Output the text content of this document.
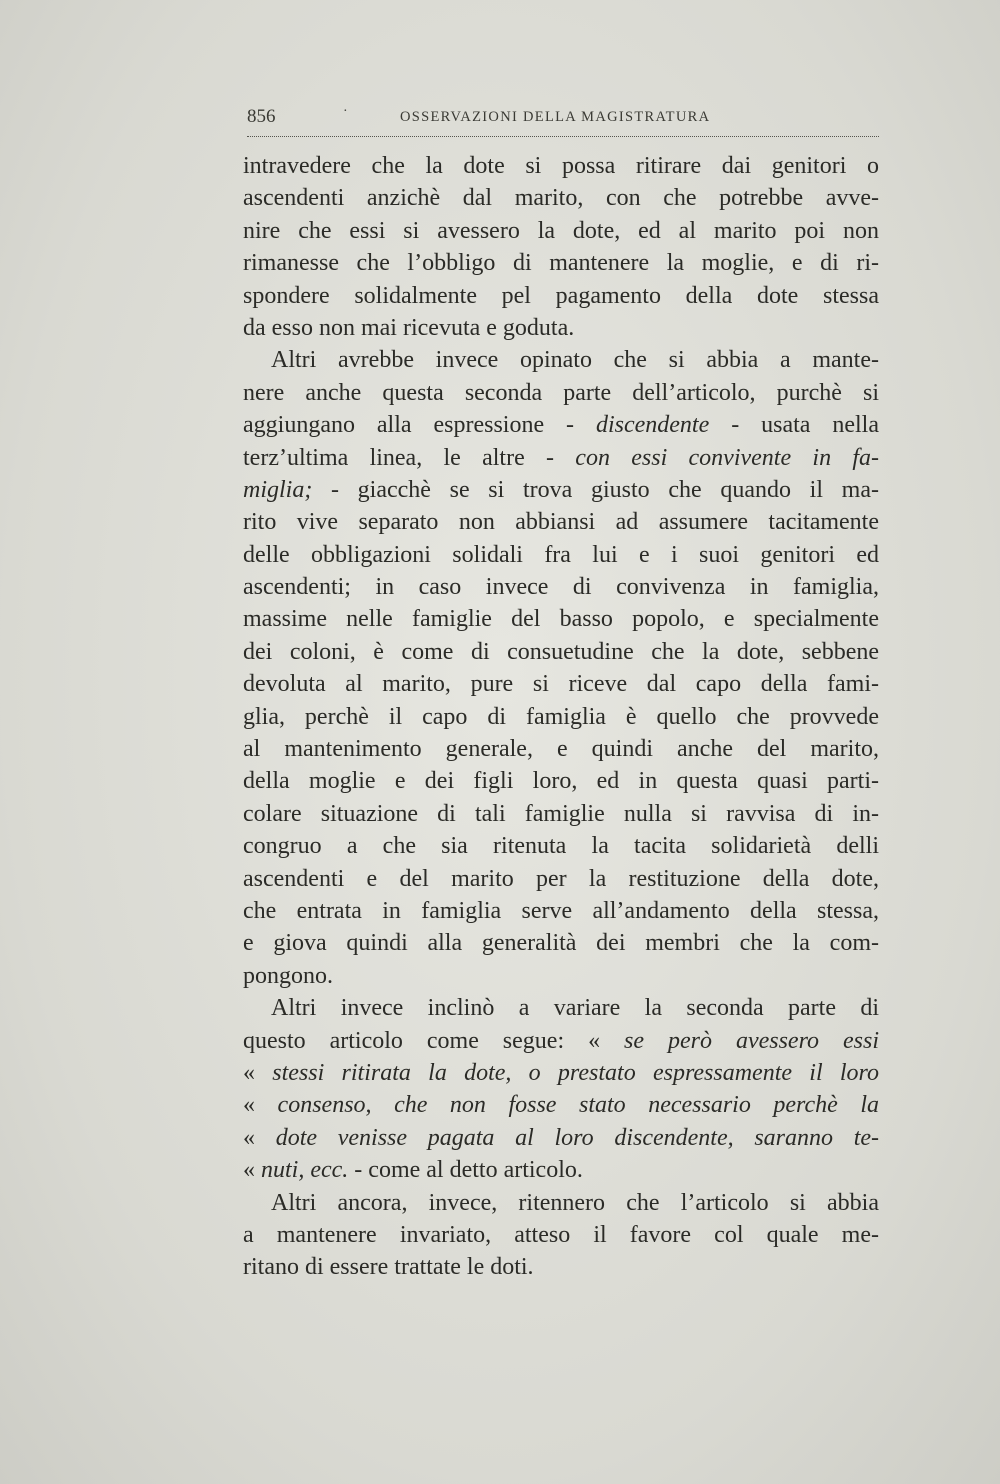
856	·	OSSERVAZIONI DELLA MAGISTRATURA
intravedere che la dote si possa ritirare dai genitori o
ascendenti anzichè dal marito, con che potrebbe avve-
nire che essi si avessero la dote, ed al marito poi non
rimanesse che l’obbligo di mantenere la moglie, e di ri-
spondere solidalmente pel pagamento della dote stessa
da esso non mai ricevuta e goduta.
Altri avrebbe invece opinato che si abbia a mante-
nere anche questa seconda parte dell’articolo, purchè si
aggiungano alla espressione - discendente - usata nella
terz’ultima linea, le altre - con essi convivente in fa-
miglia; - giacchè se si trova giusto che quando il ma-
rito vive separato non abbiansi ad assumere tacitamente
delle obbligazioni solidali fra lui e i suoi genitori ed
ascendenti; in caso invece di convivenza in famiglia,
massime nelle famiglie del basso popolo, e specialmente
dei coloni, è come di consuetudine che la dote, sebbene
devoluta al marito, pure si riceve dal capo della fami-
glia, perchè il capo di famiglia è quello che provvede
al mantenimento generale, e quindi anche del marito,
della moglie e dei figli loro, ed in questa quasi parti-
colare situazione di tali famiglie nulla si ravvisa di in-
congruo a che sia ritenuta la tacita solidarietà delli
ascendenti e del marito per la restituzione della dote,
che entrata in famiglia serve all’andamento della stessa,
e giova quindi alla generalità dei membri che la com-
pongono.
Altri invece inclinò a variare la seconda parte di
questo articolo come segue: « se però avessero essi
« stessi ritirata la dote, o prestato espressamente il loro
« consenso, che non fosse stato necessario perchè la
« dote venisse pagata al loro discendente, saranno te-
« nuti, ecc. - come al detto articolo.
Altri ancora, invece, ritennero che l’articolo si abbia
a mantenere invariato, atteso il favore col quale me-
ritano di essere trattate le doti.
